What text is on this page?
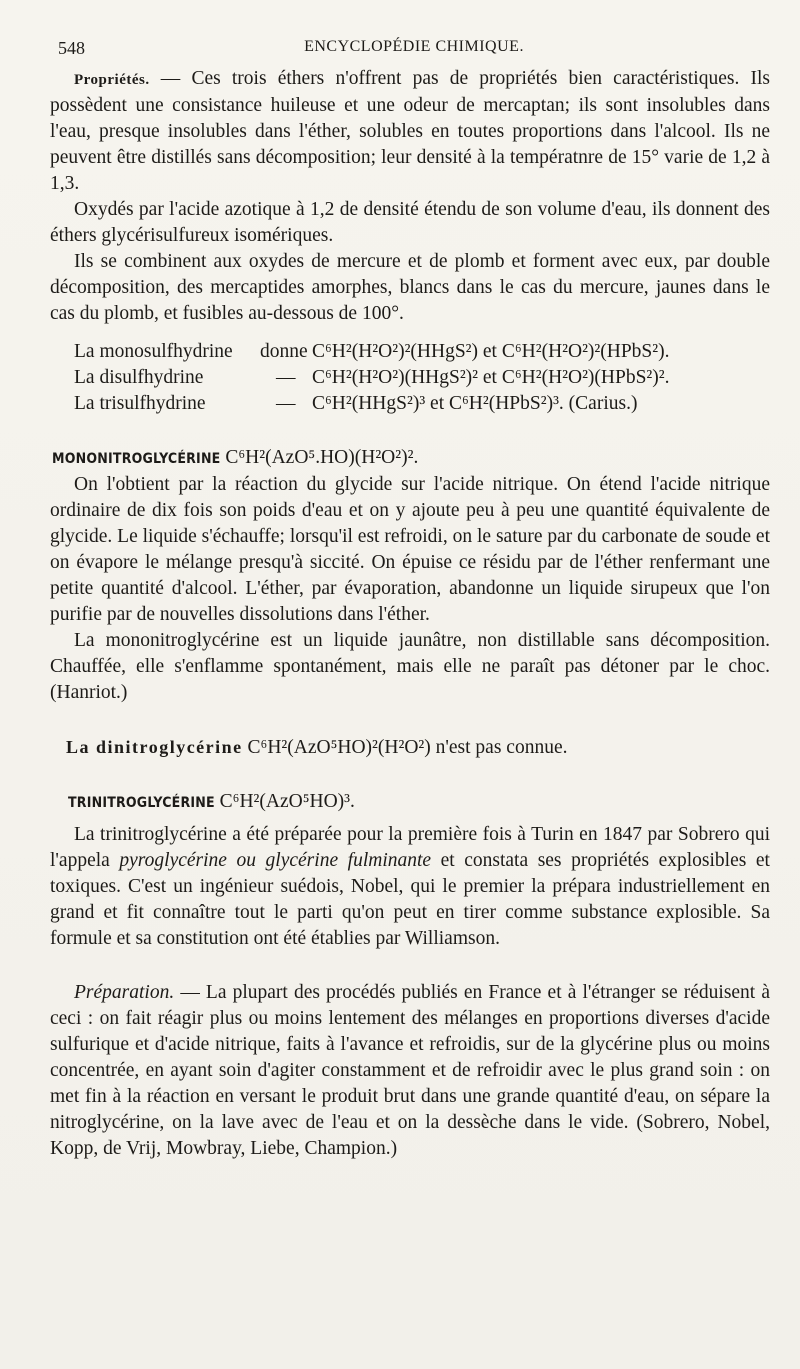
548	ENCYCLOPÉDIE CHIMIQUE.

Propriétés. — Ces trois éthers n'offrent pas de propriétés bien caractéristiques. Ils possèdent une consistance huileuse et une odeur de mercaptan; ils sont insolubles dans l'eau, presque insolubles dans l'éther, solubles en toutes proportions dans l'alcool. Ils ne peuvent être distillés sans décomposition; leur densité à la températnre de 15° varie de 1,2 à 1,3.

Oxydés par l'acide azotique à 1,2 de densité étendu de son volume d'eau, ils donnent des éthers glycérisulfureux isomériques.

Ils se combinent aux oxydes de mercure et de plomb et forment avec eux, par double décomposition, des mercaptides amorphes, blancs dans le cas du mercure, jaunes dans le cas du plomb, et fusibles au-dessous de 100°.

La monosulfhydrine donne C⁶H²(H²O²)²(HHgS²) et C⁶H²(H²O²)²(HPbS²).
La disulfhydrine	— C⁶H²(H²O²)(HHgS²)² et C⁶H²(H²O²)(HPbS²)².
La trisulfhydrine	— C⁶H²(HHgS²)³ et C⁶H²(HPbS²)³. (Carius.)

MONONITROGLYCÉRINE C⁶H²(AzO⁵.HO)(H²O²)².

On l'obtient par la réaction du glycide sur l'acide nitrique. On étend l'acide nitrique ordinaire de dix fois son poids d'eau et on y ajoute peu à peu une quantité équivalente de glycide. Le liquide s'échauffe; lorsqu'il est refroidi, on le sature par du carbonate de soude et on évapore le mélange presqu'à siccité. On épuise ce résidu par de l'éther renfermant une petite quantité d'alcool. L'éther, par évaporation, abandonne un liquide sirupeux que l'on purifie par de nouvelles dissolutions dans l'éther.

La mononitroglycérine est un liquide jaunâtre, non distillable sans décomposition. Chauffée, elle s'enflamme spontanément, mais elle ne paraît pas détoner par le choc. (Hanriot.)

La dinitroglycérine C⁶H²(AzO⁵HO)²(H²O²) n'est pas connue.

TRINITROGLYCÉRINE C⁶H²(AzO⁵HO)³.

La trinitroglycérine a été préparée pour la première fois à Turin en 1847 par Sobrero qui l'appela pyroglycérine ou glycérine fulminante et constata ses propriétés explosibles et toxiques. C'est un ingénieur suédois, Nobel, qui le premier la prépara industriellement en grand et fit connaître tout le parti qu'on peut en tirer comme substance explosible. Sa formule et sa constitution ont été établies par Williamson.

Préparation. — La plupart des procédés publiés en France et à l'étranger se réduisent à ceci : on fait réagir plus ou moins lentement des mélanges en proportions diverses d'acide sulfurique et d'acide nitrique, faits à l'avance et refroidis, sur de la glycérine plus ou moins concentrée, en ayant soin d'agiter constamment et de refroidir avec le plus grand soin : on met fin à la réaction en versant le produit brut dans une grande quantité d'eau, on sépare la nitroglycérine, on la lave avec de l'eau et on la dessèche dans le vide. (Sobrero, Nobel, Kopp, de Vrij, Mowbray, Liebe, Champion.)
